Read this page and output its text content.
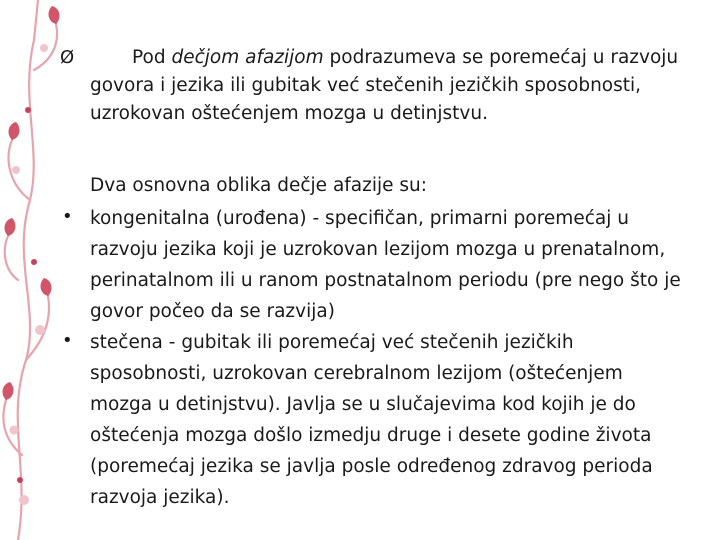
Ø	Pod dečjom afazijom podrazumeva se poremećaj u razvoju govora i jezika ili gubitak već stečenih jezičkih sposobnosti, uzrokovan oštećenjem mozga u detinjstvu.

Dva osnovna oblika dečje afazije su:

• kongenitalna (urođena) - specifičan, primarni poremećaj u razvoju jezika koji je uzrokovan lezijom mozga u prenatalnom, perinatalnom ili u ranom postnatalnom periodu (pre nego što je govor počeo da se razvija)

• stečena - gubitak ili poremećaj već stečenih jezičkih sposobnosti, uzrokovan cerebralnom lezijom (oštećenjem mozga u detinjstvu). Javlja se u slučajevima kod kojih je do oštećenja mozga došlo izmedju druge i desete godine života (poremećaj jezika se javlja posle određenog zdravog perioda razvoja jezika).
